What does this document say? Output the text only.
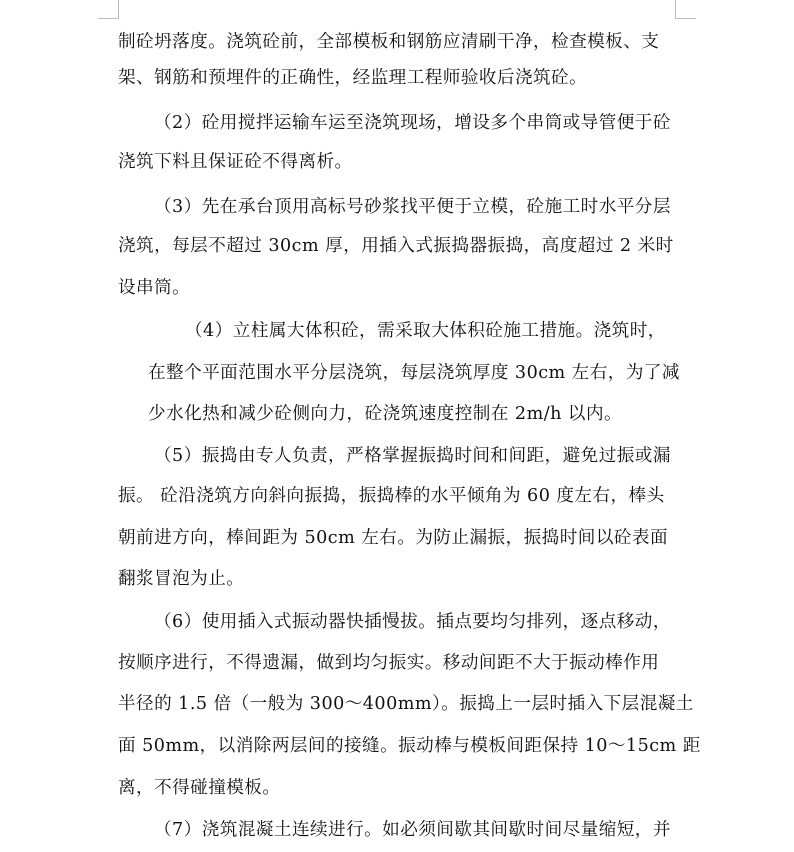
制砼坍落度。浇筑砼前，全部模板和钢筋应清刷干净，检查模板、支
架、钢筋和预埋件的正确性，经监理工程师验收后浇筑砼。
（2）砼用搅拌运输车运至浇筑现场，增设多个串筒或导管便于砼
浇筑下料且保证砼不得离析。
（3）先在承台顶用高标号砂浆找平便于立模，砼施工时水平分层
浇筑，每层不超过 30cm 厚，用插入式振捣器振捣，高度超过 2 米时
设串筒。
（4）立柱属大体积砼，需采取大体积砼施工措施。浇筑时，
在整个平面范围水平分层浇筑，每层浇筑厚度 30cm 左右，为了减
少水化热和减少砼侧向力，砼浇筑速度控制在 2m/h 以内。
（5）振捣由专人负责，严格掌握振捣时间和间距，避免过振或漏
振。 砼沿浇筑方向斜向振捣，振捣棒的水平倾角为 60 度左右，棒头
朝前进方向，棒间距为 50cm 左右。为防止漏振，振捣时间以砼表面
翻浆冒泡为止。
（6）使用插入式振动器快插慢拔。插点要均匀排列，逐点移动，
按顺序进行，不得遗漏，做到均匀振实。移动间距不大于振动棒作用
半径的 1.5 倍（一般为 300～400mm）。振捣上一层时插入下层混凝土
面 50mm，以消除两层间的接缝。振动棒与模板间距保持 10～15cm 距
离，不得碰撞模板。
（7）浇筑混凝土连续进行。如必须间歇其间歇时间尽量缩短，并
